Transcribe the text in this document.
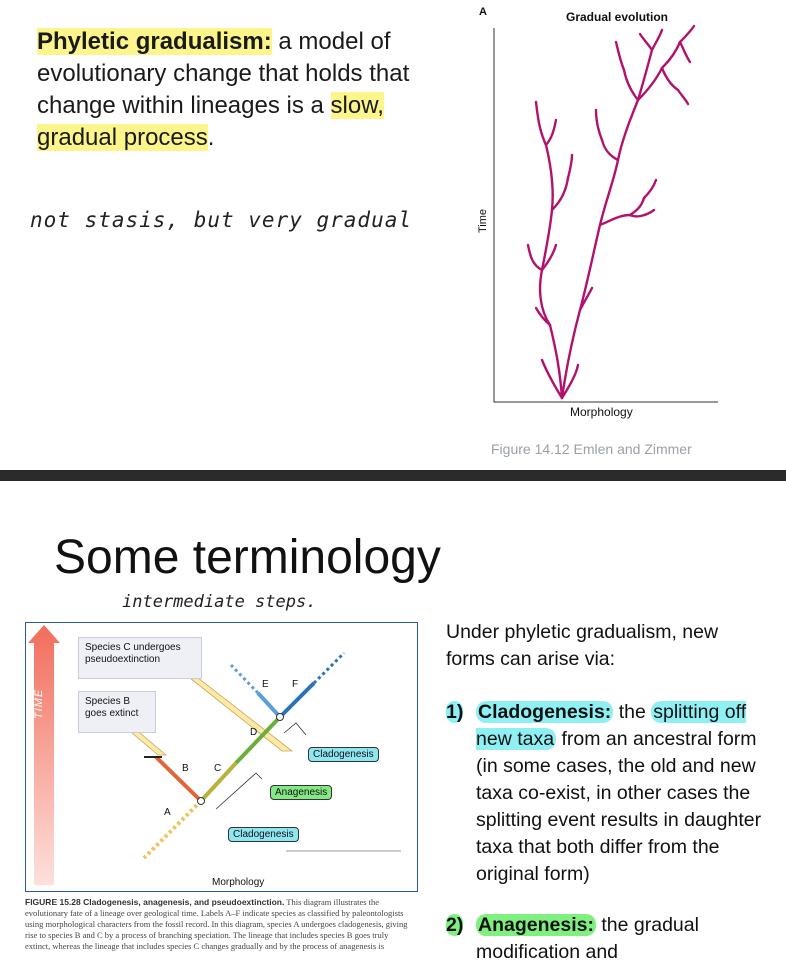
Phyletic gradualism: a model of evolutionary change that holds that change within lineages is a slow, gradual process.
not stasis, but very gradual
A	Gradual evolution
Time
Morphology
Figure 14.12 Emlen and Zimmer
Some terminology
intermediate steps.
Species C undergoes pseudoextinction
Species B goes extinct
TIME
A
B	C
D
E F
Cladogenesis
Anagenesis
Cladogenesis
Morphology
FIGURE 15.28 Cladogenesis, anagenesis, and pseudoextinction. This diagram illustrates the evolutionary fate of a lineage over geological time. Labels A–F indicate species as classified by paleontologists using morphological characters from the fossil record. In this diagram, species A undergoes cladogenesis, giving rise to species B and C by a process of branching speciation. The lineage that includes species B goes truly extinct, whereas the lineage that includes species C changes gradually and by the process of anagenesis is
Under phyletic gradualism, new forms can arise via:
1) Cladogenesis: the splitting off new taxa from an ancestral form (in some cases, the old and new taxa co-exist, in other cases the splitting event results in daughter taxa that both differ from the original form)
2) Anagenesis: the gradual modification and
